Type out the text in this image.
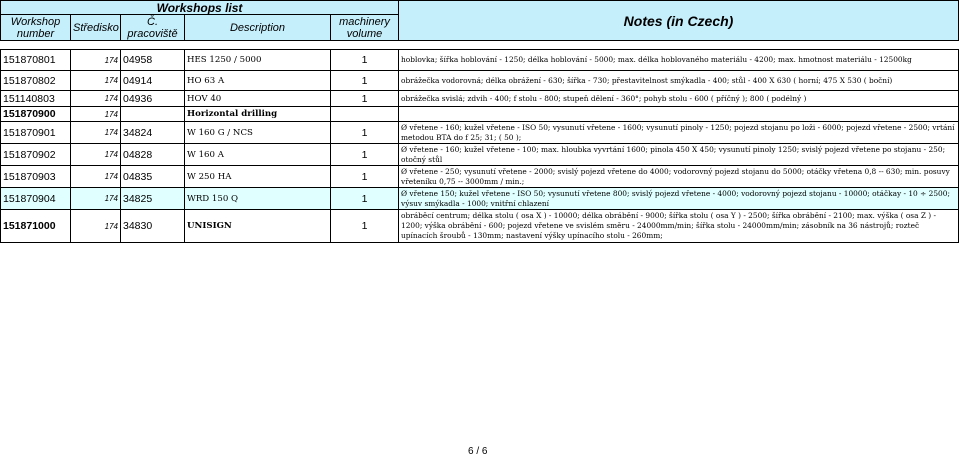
Workshops list					Notes (in Czech)
Workshop number	Středisko	Č. pracoviště	Description	machinery volume	

151870801	174	04958	HES 1250 / 5000	1	hoblovka; šířka hoblování - 1250; délka hoblování - 5000; max. délka hoblovaného materiálu - 4200; max. hmotnost materiálu - 12500kg
151870802	174	04914	HO 63 A	1	obrážečka vodorovná; délka obrážení - 630; šířka - 730; přestavitelnost smýkadla - 400; stůl - 400 X 630 ( horní; 475 X 530 ( boční)
151140803	174	04936	HOV 40	1	obrážečka svislá; zdvih - 400; f stolu - 800; stupeň dělení - 360°; pohyb stolu - 600 ( příčný ); 800 ( podélný )
151870900	174		Horizontal drilling		
151870901	174	34824	W 160 G / NCS	1	Ø vřetene - 160; kužel vřetene - ISO 50; vysunutí vřetene - 1600; vysunutí pinoly - 1250; pojezd stojanu po loži - 6000; pojezd vřetene - 2500; vrtání metodou BTA do f 25; 31; ( 50 );
151870902	174	04828	W 160 A	1	Ø vřetene - 160; kužel vřetene - 100; max. hloubka vyvrtání 1600; pinola 450 X 450; vysunutí pinoly 1250; svislý pojezd vřetene po stojanu - 250; otočný stůl
151870903	174	04835	W 250 HA	1	Ø vřetene - 250; vysunutí vřetene - 2000; svislý pojezd vřetene do 4000; vodorovný pojezd stojanu do 5000; otáčky vřetena 0,8 -- 630; min. posuvy vřeteníku 0,75 -- 3000mm / min.;
151870904	174	34825	WRD 150 Q	1	Ø vřetene 150; kužel vřetene - ISO 50; vysunutí vřetene 800; svislý pojezd vřetene - 4000; vodorovný pojezd stojanu - 10000; otáčkay - 10 ÷ 2500; výsuv smýkadla - 1000; vnitřní chlazení
151871000	174	34830	UNISIGN	1	obráběcí centrum; délka stolu ( osa X ) - 10000; délka obrábění - 9000; šířka stolu ( osa Y ) - 2500; šířka obrábění - 2100; max. výška ( osa Z ) - 1200; výška obrábění - 600; pojezd vřetene ve svislém směru - 24000mm/min; šířka stolu - 24000mm/min; zásobník na 36 nástrojů; rozteč upínacích šroubů - 130mm; nastavení výšky upínacího stolu - 260mm;
6 / 6
